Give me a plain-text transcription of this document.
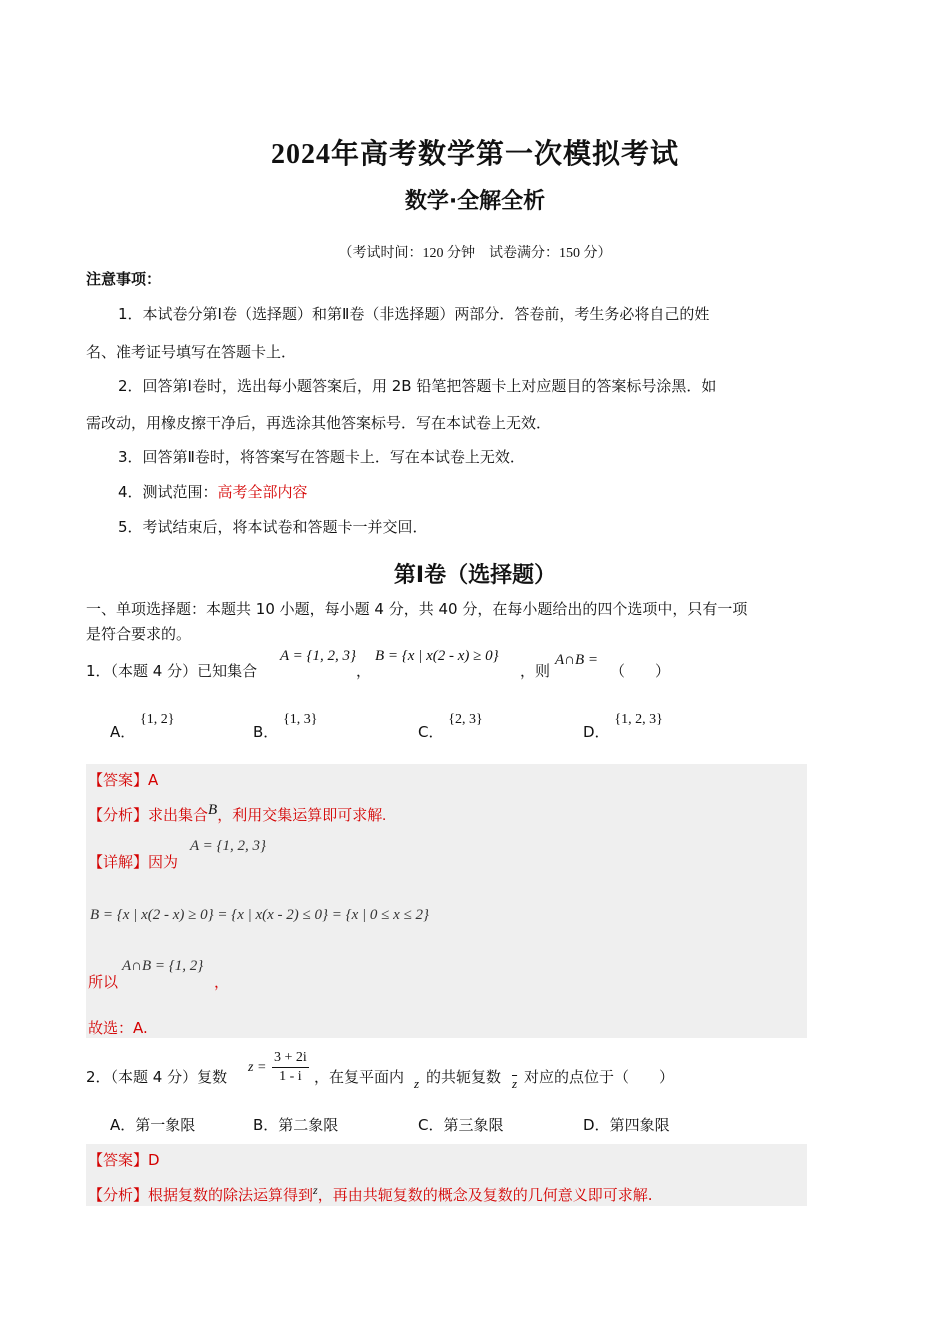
2024年高考数学第一次模拟考试
数学·全解全析
（考试时间：120 分钟　试卷满分：150 分）
注意事项：
1．本试卷分第Ⅰ卷（选择题）和第Ⅱ卷（非选择题）两部分．答卷前，考生务必将自己的姓
名、准考证号填写在答题卡上．
2．回答第Ⅰ卷时，选出每小题答案后，用 2B 铅笔把答题卡上对应题目的答案标号涂黑．如
需改动，用橡皮擦干净后，再选涂其他答案标号．写在本试卷上无效．
3．回答第Ⅱ卷时，将答案写在答题卡上．写在本试卷上无效．
4．测试范围：高考全部内容
5．考试结束后，将本试卷和答题卡一并交回．
第Ⅰ卷（选择题）
一、单项选择题：本题共 10 小题，每小题 4 分，共 40 分，在每小题给出的四个选项中，只有一项
是符合要求的。
1．（本题 4 分）已知集合
A = {1, 2, 3}
，
B = {x | x(2 - x) ≥ 0}
，则
A∩B =
（　　）
A． {1, 2}
B． {1, 3}
C． {2, 3}
D． {1, 2, 3}
【答案】A
【分析】求出集合B，利用交集运算即可求解.
【详解】因为
A = {1, 2, 3}
B = {x | x(2 - x) ≥ 0} = {x | x(x - 2) ≤ 0} = {x | 0 ≤ x ≤ 2}
所以
A∩B = {1, 2}
，
故选：A.
2．（本题 4 分）复数
$z = \frac{3 + 2i}{1 - i}$ ，在复平面内 z 的共轭复数 $\overline{z}$ 对应的点位于（　　）
A．第一象限	B．第二象限	C．第三象限	D．第四象限
【答案】D
【分析】根据复数的除法运算得到$^z$，再由共轭复数的概念及复数的几何意义即可求解.
